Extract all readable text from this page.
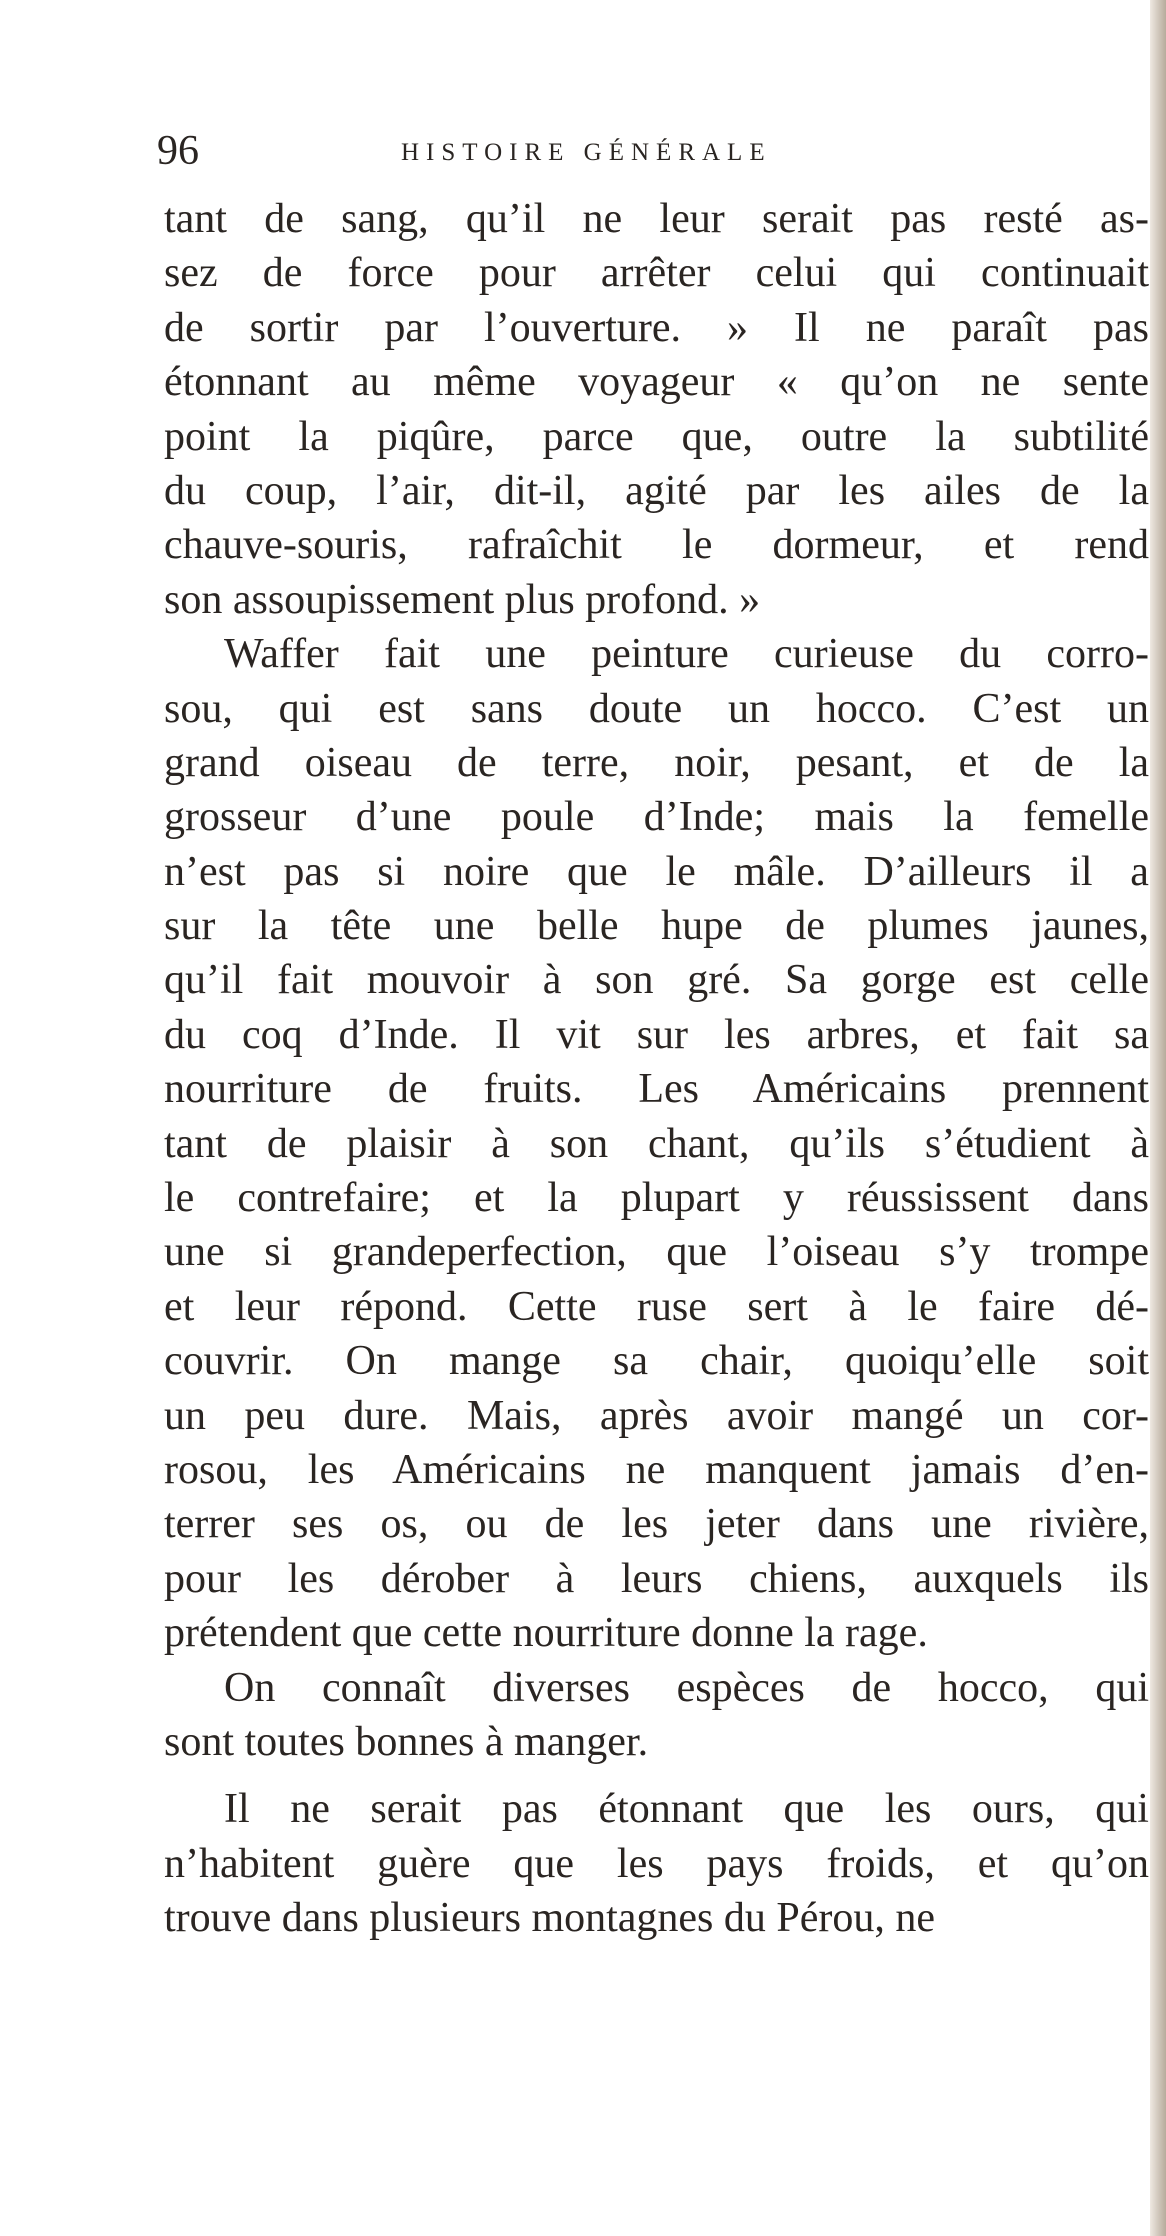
96	HISTOIRE GÉNÉRALE
tant de sang, qu’il ne leur serait pas resté as-
sez de force pour arrêter celui qui continuait
de sortir par l’ouverture. » Il ne paraît pas
étonnant au même voyageur « qu’on ne sente
point la piqûre, parce que, outre la subtilité
du coup, l’air, dit-il, agité par les ailes de la
chauve-souris, rafraîchit le dormeur, et rend
son assoupissement plus profond. »
Waffer fait une peinture curieuse du corro-
sou, qui est sans doute un hocco. C’est un
grand oiseau de terre, noir, pesant, et de la
grosseur d’une poule d’Inde; mais la femelle
n’est pas si noire que le mâle. D’ailleurs il a
sur la tête une belle hupe de plumes jaunes,
qu’il fait mouvoir à son gré. Sa gorge est celle
du coq d’Inde. Il vit sur les arbres, et fait sa
nourriture de fruits. Les Américains prennent
tant de plaisir à son chant, qu’ils s’étudient à
le contrefaire; et la plupart y réussissent dans
une si grandeperfection, que l’oiseau s’y trompe
et leur répond. Cette ruse sert à le faire dé-
couvrir. On mange sa chair, quoiqu’elle soit
un peu dure. Mais, après avoir mangé un cor-
rosou, les Américains ne manquent jamais d’en-
terrer ses os, ou de les jeter dans une rivière,
pour les dérober à leurs chiens, auxquels ils
prétendent que cette nourriture donne la rage.
On connaît diverses espèces de hocco, qui
sont toutes bonnes à manger.
Il ne serait pas étonnant que les ours, qui
n’habitent guère que les pays froids, et qu’on
trouve dans plusieurs montagnes du Pérou, ne
